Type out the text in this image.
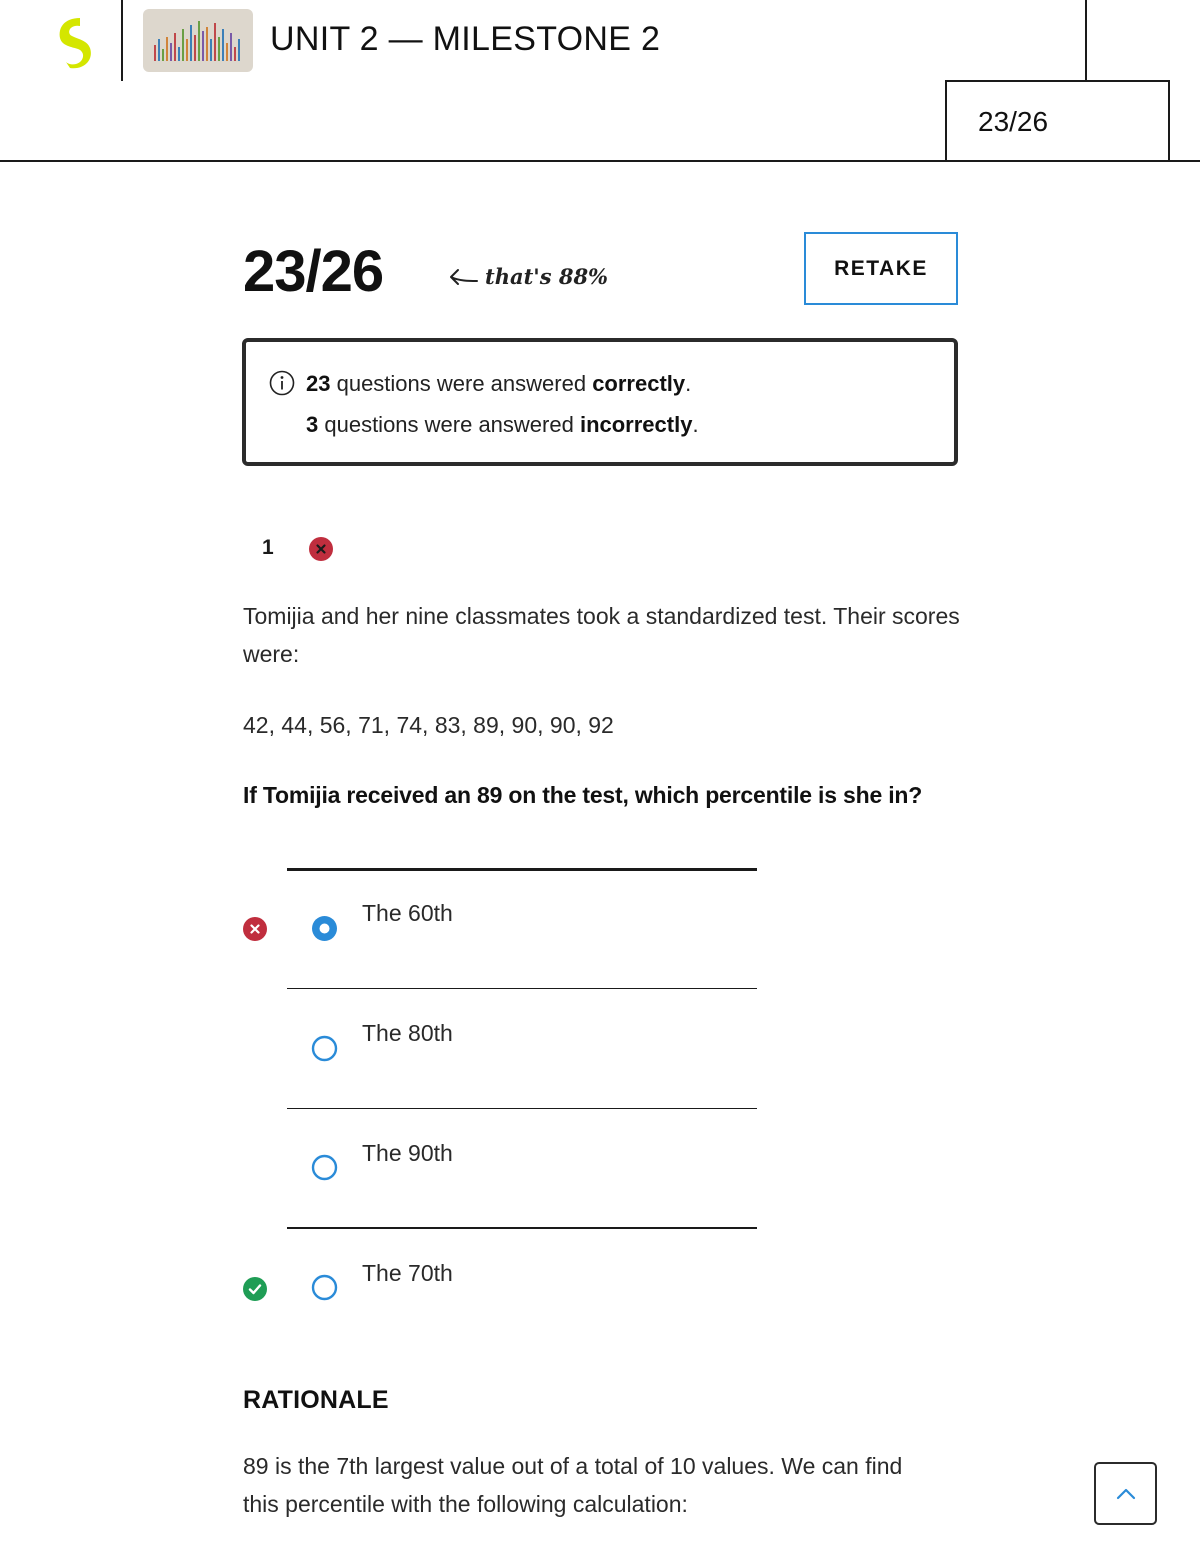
UNIT 2 — MILESTONE 2
23/26
23/26	that's 88%	RETAKE
23 questions were answered correctly.
3 questions were answered incorrectly.
1
Tomijia and her nine classmates took a standardized test. Their scores were:
42, 44, 56, 71, 74, 83, 89, 90, 90, 92
If Tomijia received an 89 on the test, which percentile is she in?
The 60th
The 80th
The 90th
The 70th
RATIONALE
89 is the 7th largest value out of a total of 10 values. We can find this percentile with the following calculation:
